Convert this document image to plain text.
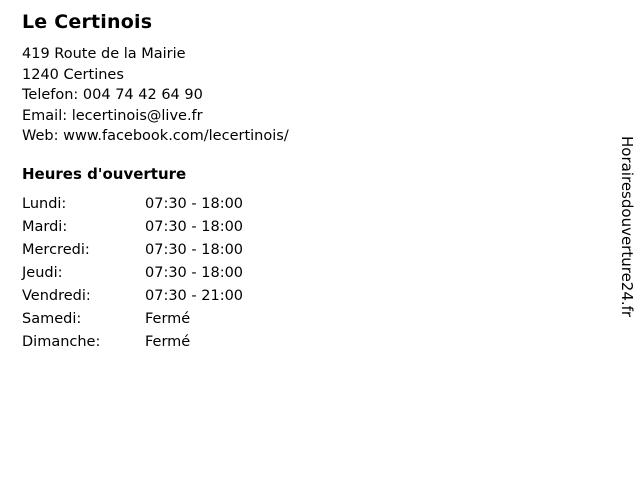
Le Certinois
419 Route de la Mairie
1240 Certines
Telefon: 004 74 42 64 90
Email: lecertinois@live.fr
Web: www.facebook.com/lecertinois/
Heures d'ouverture
Lundi:	07:30 - 18:00
Mardi:	07:30 - 18:00
Mercredi:	07:30 - 18:00
Jeudi:	07:30 - 18:00
Vendredi:	07:30 - 21:00
Samedi:	Fermé
Dimanche:	Fermé
Horairesdouverture24.fr
